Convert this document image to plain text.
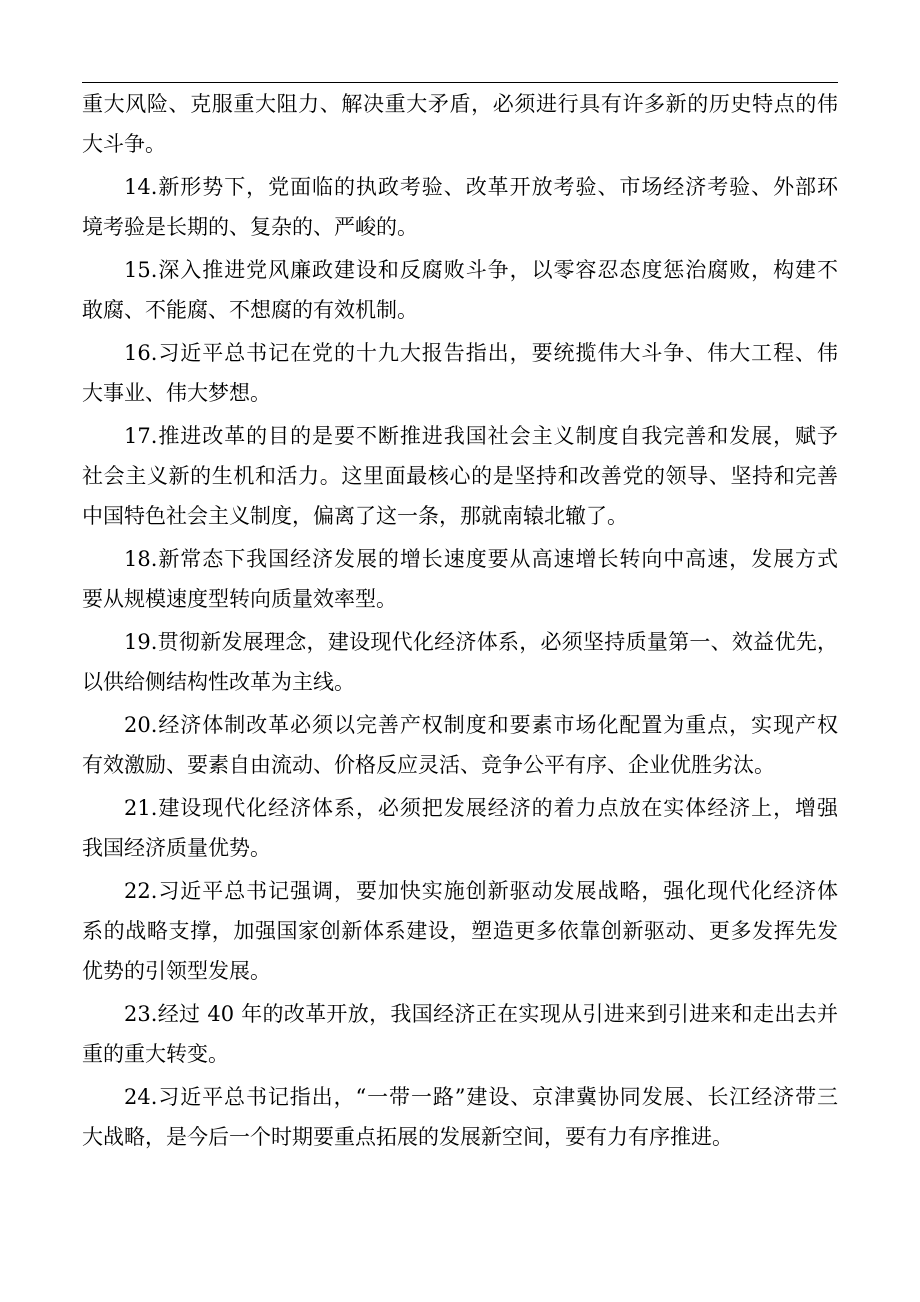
重大风险、克服重大阻力、解决重大矛盾，必须进行具有许多新的历史特点的伟
大斗争。
14.新形势下，党面临的执政考验、改革开放考验、市场经济考验、外部环
境考验是长期的、复杂的、严峻的。
15.深入推进党风廉政建设和反腐败斗争，以零容忍态度惩治腐败，构建不
敢腐、不能腐、不想腐的有效机制。
16.习近平总书记在党的十九大报告指出，要统揽伟大斗争、伟大工程、伟
大事业、伟大梦想。
17.推进改革的目的是要不断推进我国社会主义制度自我完善和发展，赋予
社会主义新的生机和活力。这里面最核心的是坚持和改善党的领导、坚持和完善
中国特色社会主义制度，偏离了这一条，那就南辕北辙了。
18.新常态下我国经济发展的增长速度要从高速增长转向中高速，发展方式
要从规模速度型转向质量效率型。
19.贯彻新发展理念，建设现代化经济体系，必须坚持质量第一、效益优先，
以供给侧结构性改革为主线。
20.经济体制改革必须以完善产权制度和要素市场化配置为重点，实现产权
有效激励、要素自由流动、价格反应灵活、竞争公平有序、企业优胜劣汰。
21.建设现代化经济体系，必须把发展经济的着力点放在实体经济上，增强
我国经济质量优势。
22.习近平总书记强调，要加快实施创新驱动发展战略，强化现代化经济体
系的战略支撑，加强国家创新体系建设，塑造更多依靠创新驱动、更多发挥先发
优势的引领型发展。
23.经过 40 年的改革开放，我国经济正在实现从引进来到引进来和走出去并
重的重大转变。
24.习近平总书记指出，“一带一路”建设、京津冀协同发展、长江经济带三
大战略，是今后一个时期要重点拓展的发展新空间，要有力有序推进。
